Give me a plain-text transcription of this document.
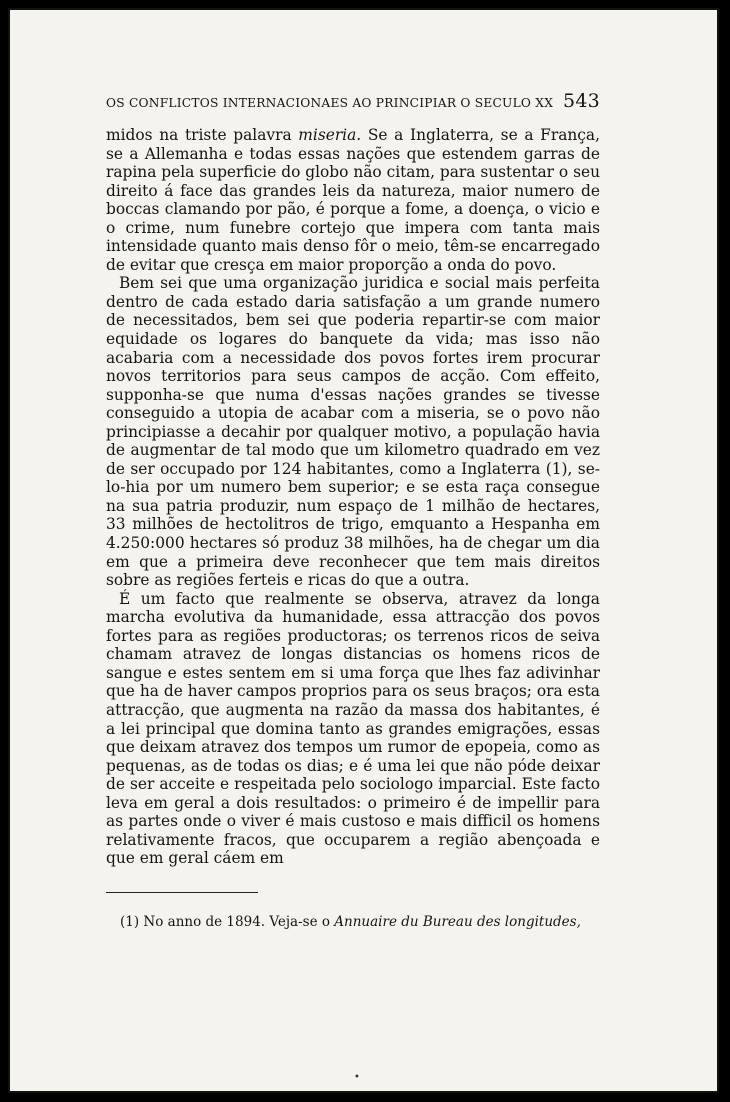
OS CONFLICTOS INTERNACIONAES AO PRINCIPIAR O SECULO XX 543

midos na triste palavra miseria. Se a Inglaterra, se a França, se a Allemanha e todas essas nações que estendem garras de rapina pela superficie do globo não citam, para sustentar o seu direito á face das grandes leis da natureza, maior numero de boccas clamando por pão, é porque a fome, a doença, o vicio e o crime, num funebre cortejo que impera com tanta mais intensidade quanto mais denso fôr o meio, têm-se encarregado de evitar que cresça em maior proporção a onda do povo.

Bem sei que uma organização juridica e social mais perfeita dentro de cada estado daria satisfação a um grande numero de necessitados, bem sei que poderia repartir-se com maior equidade os logares do banquete da vida; mas isso não acabaria com a necessidade dos povos fortes irem procurar novos territorios para seus campos de acção. Com effeito, supponha-se que numa d'essas nações grandes se tivesse conseguido a utopia de acabar com a miseria, se o povo não principiasse a decahir por qualquer motivo, a população havia de augmentar de tal modo que um kilometro quadrado em vez de ser occupado por 124 habitantes, como a Inglaterra (1), se-lo-hia por um numero bem superior; e se esta raça consegue na sua patria produzir, num espaço de 1 milhão de hectares, 33 milhões de hectolitros de trigo, emquanto a Hespanha em 4.250:000 hectares só produz 38 milhões, ha de chegar um dia em que a primeira deve reconhecer que tem mais direitos sobre as regiões ferteis e ricas do que a outra.

É um facto que realmente se observa, atravez da longa marcha evolutiva da humanidade, essa attracção dos povos fortes para as regiões productoras; os terrenos ricos de seiva chamam atravez de longas distancias os homens ricos de sangue e estes sentem em si uma força que lhes faz adivinhar que ha de haver campos proprios para os seus braços; ora esta attracção, que augmenta na razão da massa dos habitantes, é a lei principal que domina tanto as grandes emigrações, essas que deixam atravez dos tempos um rumor de epopeia, como as pequenas, as de todas os dias; e é uma lei que não póde deixar de ser acceite e respeitada pelo sociologo imparcial. Este facto leva em geral a dois resultados: o primeiro é de impellir para as partes onde o viver é mais custoso e mais difficil os homens relativamente fracos, que occuparem a região abençoada e que em geral cáem em

(1) No anno de 1894. Veja-se o Annuaire du Bureau des longitudes,
•
